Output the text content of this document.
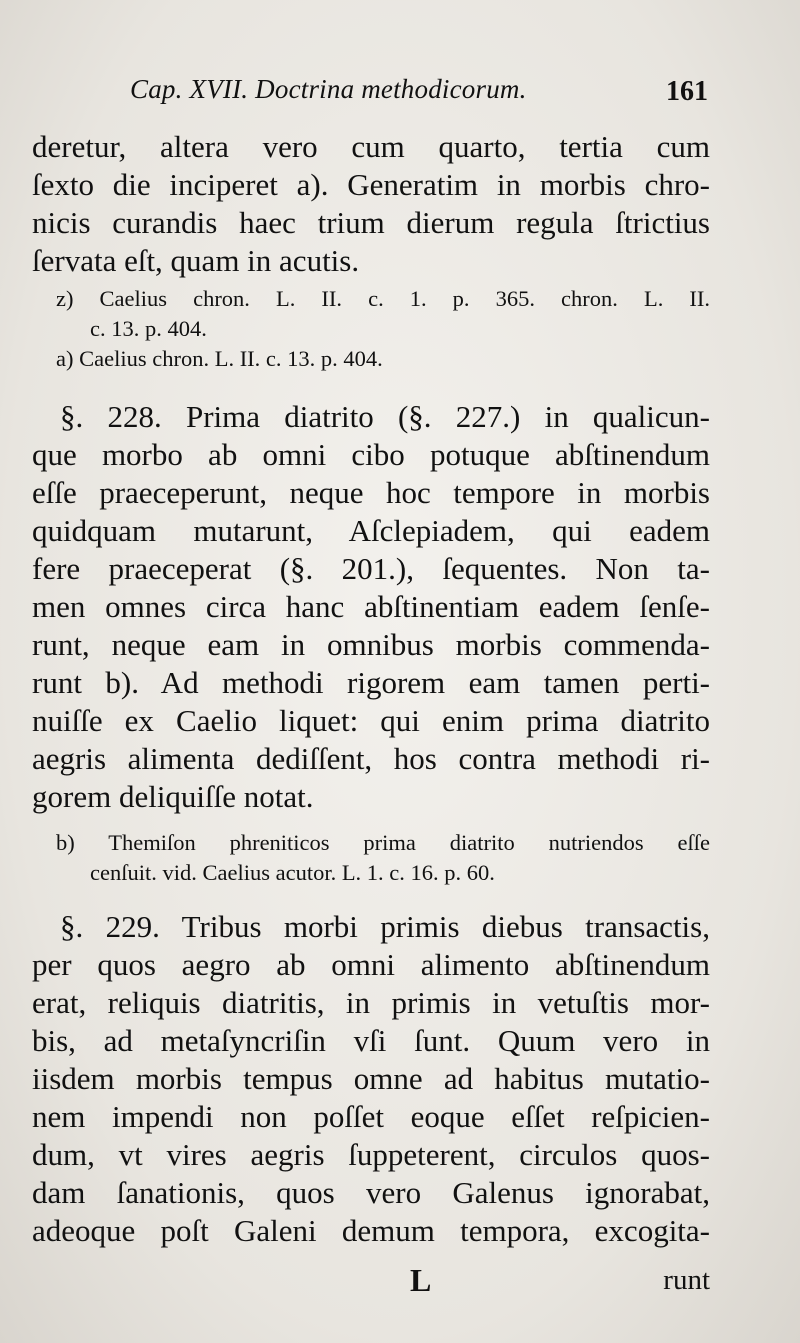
Cap. XVII. Doctrina methodicorum.	161
deretur, altera vero cum quarto, tertia cum
ſexto die inciperet a). Generatim in morbis chro-
nicis curandis haec trium dierum regula ſtrictius
ſervata eſt, quam in acutis.
z) Caelius chron. L. II. c. 1. p. 365. chron. L. II.
c. 13. p. 404.
a) Caelius chron. L. II. c. 13. p. 404.
§. 228. Prima diatrito (§. 227.) in qualicun-
que morbo ab omni cibo potuque abſtinendum
eſſe praeceperunt, neque hoc tempore in morbis
quidquam mutarunt, Aſclepiadem, qui eadem
fere praeceperat (§. 201.), ſequentes. Non ta-
men omnes circa hanc abſtinentiam eadem ſenſe-
runt, neque eam in omnibus morbis commenda-
runt b). Ad methodi rigorem eam tamen perti-
nuiſſe ex Caelio liquet: qui enim prima diatrito
aegris alimenta dediſſent, hos contra methodi ri-
gorem deliquiſſe notat.
b) Themiſon phreniticos prima diatrito nutriendos eſſe
cenſuit. vid. Caelius acutor. L. 1. c. 16. p. 60.
§. 229. Tribus morbi primis diebus transactis,
per quos aegro ab omni alimento abſtinendum
erat, reliquis diatritis, in primis in vetuſtis mor-
bis, ad metaſyncriſin vſi ſunt. Quum vero in
iisdem morbis tempus omne ad habitus mutatio-
nem impendi non poſſet eoque eſſet reſpicien-
dum, vt vires aegris ſuppeterent, circulos quos-
dam ſanationis, quos vero Galenus ignorabat,
adeoque poſt Galeni demum tempora, excogita-
L	runt
